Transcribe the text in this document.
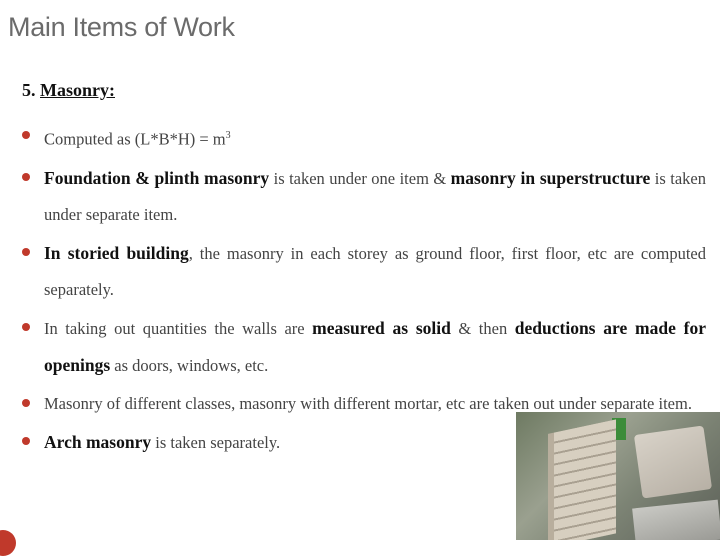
Main Items of Work
5. Masonry:
Computed as $(L*B*H) = m^3$
Foundation & plinth masonry is taken under one item & masonry in superstructure is taken under separate item.
In storied building, the masonry in each storey as ground floor, first floor, etc are computed separately.
In taking out quantities the walls are measured as solid & then deductions are made for openings as doors, windows, etc.
Masonry of different classes, masonry with different mortar, etc are taken out under separate item.
Arch masonry is taken separately.
